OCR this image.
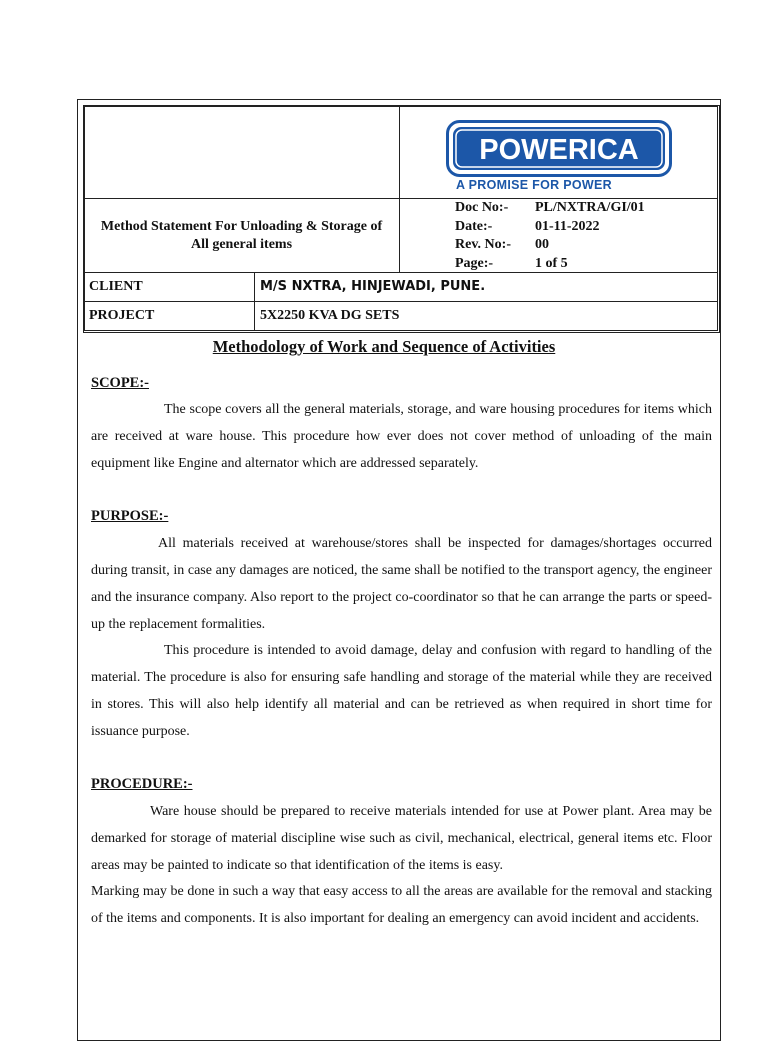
POWERICA
A PROMISE FOR POWER
Method Statement For Unloading & Storage of All general items
Doc No:-	PL/NXTRA/GI/01
Date:-	01-11-2022
Rev. No:-	00
Page:-	1 of 5
CLIENT	M/S NXTRA, HINJEWADI, PUNE.
PROJECT	5X2250 KVA DG SETS
Methodology of Work and Sequence of Activities
SCOPE:-
The scope covers all the general materials, storage, and ware housing procedures for items which are received at ware house. This procedure how ever does not cover method of unloading of the main equipment like Engine and alternator which are addressed separately.
PURPOSE:-
All materials received at warehouse/stores shall be inspected for damages/shortages occurred during transit, in case any damages are noticed, the same shall be notified to the transport agency, the engineer and the insurance company. Also report to the project co-coordinator so that he can arrange the parts or speed-up the replacement formalities.
This procedure is intended to avoid damage, delay and confusion with regard to handling of the material. The procedure is also for ensuring safe handling and storage of the material while they are received in stores. This will also help identify all material and can be retrieved as when required in short time for issuance purpose.
PROCEDURE:-
Ware house should be prepared to receive materials intended for use at Power plant. Area may be demarked for storage of material discipline wise such as civil, mechanical, electrical, general items etc. Floor areas may be painted to indicate so that identification of the items is easy.
Marking may be done in such a way that easy access to all the areas are available for the removal and stacking of the items and components. It is also important for dealing an emergency can avoid incident and accidents.
